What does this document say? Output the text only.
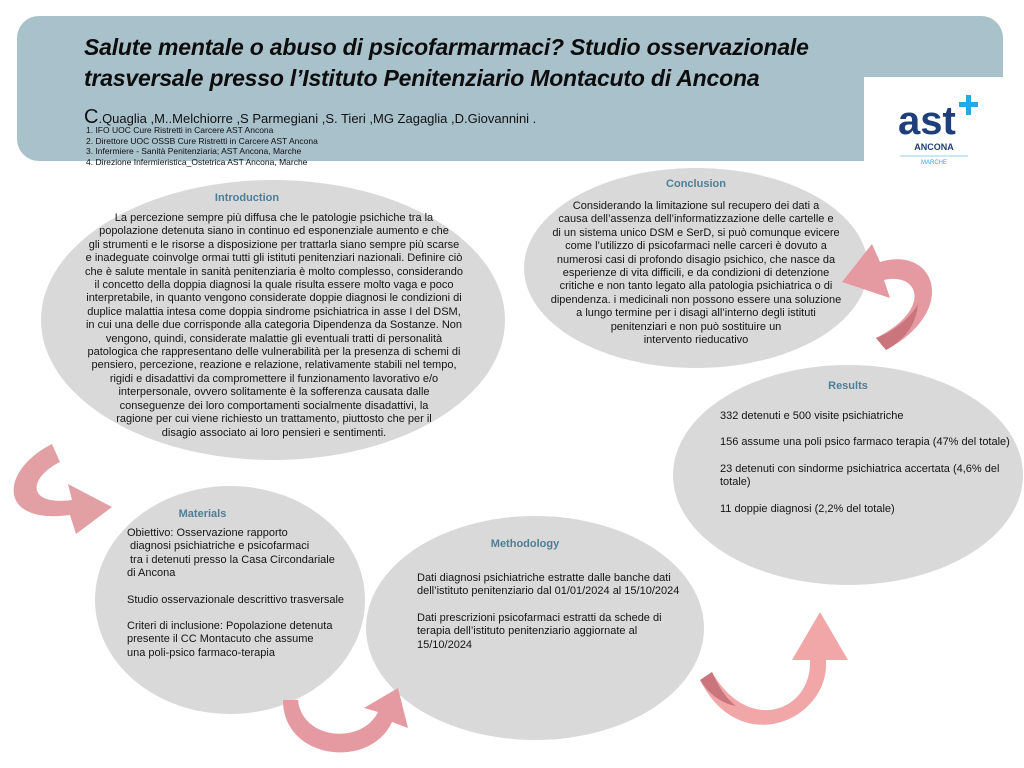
ast
ANCONA
MARCHE
Salute mentale o abuso di psicofarmarmaci? Studio osservazionale
trasversale presso l’Istituto Penitenziario Montacuto di Ancona
C.Quaglia ,M..Melchiorre ,S Parmegiani ,S. Tieri ,MG Zagaglia ,D.Giovannini .
1. IFO UOC Cure Ristretti in Carcere AST Ancona
2. Direttore UOC OSSB Cure Ristretti in Carcere AST Ancona
3. Infermiere - Sanità Penitenziaria; AST Ancona, Marche
4. Direzione Infermieristica_Ostetrica AST Ancona, Marche
Introduction

La percezione sempre più diffusa che le patologie psichiche tra la

popolazione detenuta siano in continuo ed esponenziale aumento e che

gli strumenti e le risorse a disposizione per trattarla siano sempre più scarse

e inadeguate coinvolge ormai tutti gli istituti penitenziari nazionali. Definire ciò

che è salute mentale in sanità penitenziaria è molto complesso, considerando

il concetto della doppia diagnosi la quale risulta essere molto vaga e poco

interpretabile, in quanto vengono considerate doppie diagnosi le condizioni di

duplice malattia intesa come doppia sindrome psichiatrica in asse I del DSM,

in cui una delle due corrisponde alla categoria Dipendenza da Sostanze. Non

vengono, quindi, considerate malattie gli eventuali tratti di personalità

patologica che rappresentano delle vulnerabilità per la presenza di schemi di

pensiero, percezione, reazione e relazione, relativamente stabili nel tempo,

rigidi e disadattivi da compromettere il funzionamento lavorativo e/o

interpersonale, ovvero solitamente è la sofferenza causata dalle

conseguenze dei loro comportamenti socialmente disadattivi, la

ragione per cui viene richiesto un trattamento, piuttosto che per il

disagio associato ai loro pensieri e sentimenti.

Conclusion

Considerando la limitazione sul recupero dei dati a

causa dell’assenza dell’informatizzazione delle cartelle e

di un sistema unico DSM e SerD, si può comunque evicere

come l’utilizzo di psicofarmaci nelle carceri è dovuto a

numerosi casi di profondo disagio psichico, che nasce da

esperienze di vita difficili, e da condizioni di detenzione

critiche e non tanto legato alla patologia psichiatrica o di

dipendenza. i medicinali non possono essere una soluzione

a lungo termine per i disagi all’interno degli istituti

penitenziari e non può sostituire un

intervento rieducativo

Results

332 detenuti e 500 visite psichiatriche

156 assume una poli psico farmaco terapia (47% del totale)

23 detenuti con sindorme psichiatrica accertata (4,6% del totale)

11 doppie diagnosi (2,2% del totale)

Materials

Obiettivo: Osservazione rapporto

diagnosi psichiatriche e psicofarmaci

tra i detenuti presso la Casa Circondariale

di Ancona

Studio osservazionale descrittivo trasversale

Criteri di inclusione: Popolazione detenuta

presente il CC Montacuto che assume

una poli-psico farmaco-terapia

Methodology

Dati diagnosi psichiatriche estratte dalle banche dati dell’istituto penitenziario dal 01/01/2024 al 15/10/2024

Dati prescrizioni psicofarmaci estratti da schede di terapia dell’istituto penitenziario aggiornate al 15/10/2024
